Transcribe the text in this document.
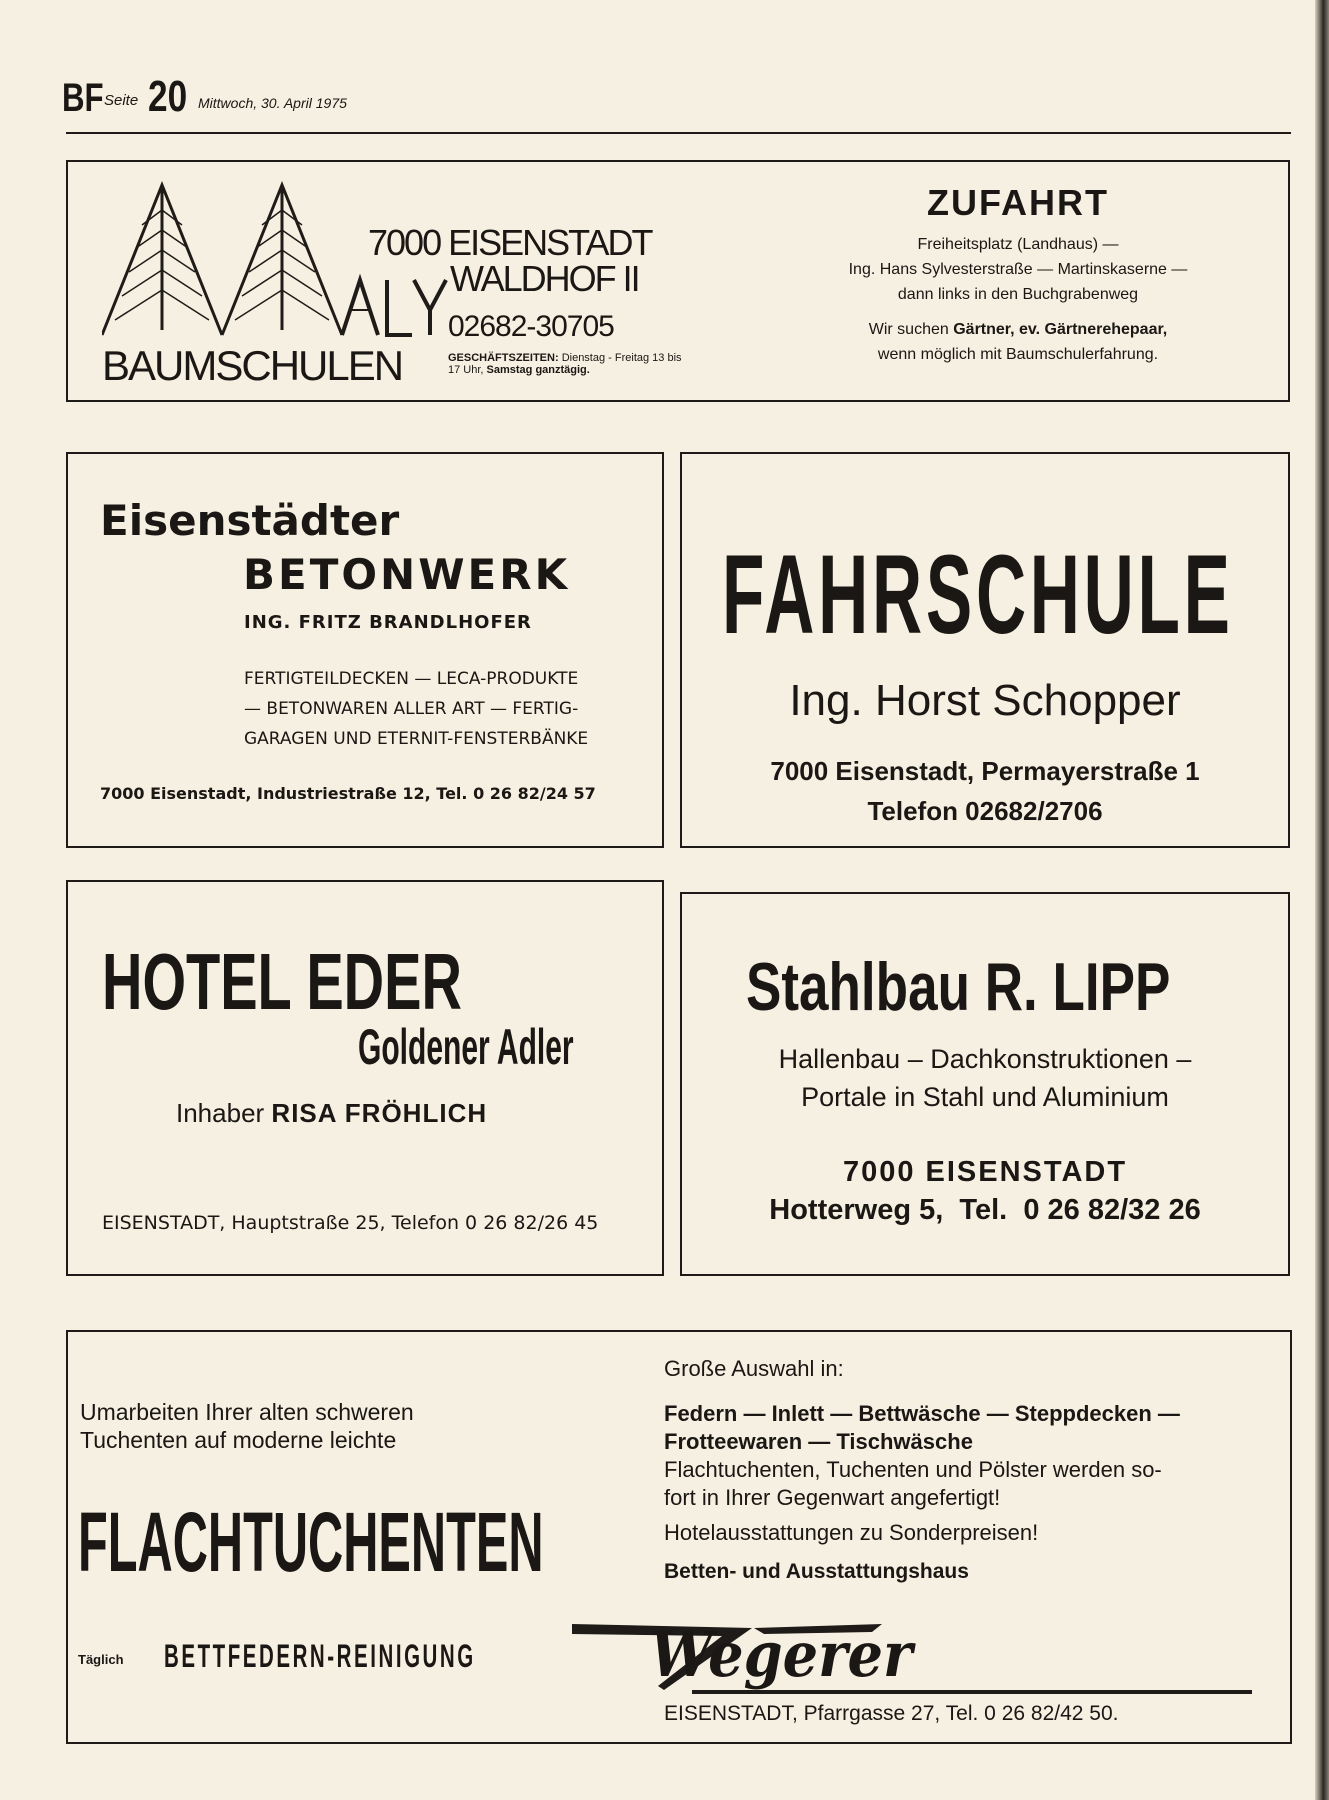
BF Seite 20 Mittwoch, 30. April 1975
BAUMSCHULEN
7000 EISENSTADT
WALDHOF II
02682-30705
GESCHÄFTSZEITEN: Dienstag - Freitag 13 bis
17 Uhr, Samstag ganztägig.
ZUFAHRT
Freiheitsplatz (Landhaus) —
Ing. Hans Sylvesterstraße — Martinskaserne —
dann links in den Buchgrabenweg
Wir suchen Gärtner, ev. Gärtnerehepaar,
wenn möglich mit Baumschulerfahrung.
Eisenstädter
BETONWERK
ING. FRITZ BRANDLHOFER
FERTIGTEILDECKEN — LECA-PRODUKTE
— BETONWAREN ALLER ART — FERTIG-
GARAGEN UND ETERNIT-FENSTERBÄNKE
7000 Eisenstadt, Industriestraße 12, Tel. 0 26 82/24 57
FAHRSCHULE
Ing. Horst Schopper
7000 Eisenstadt, Permayerstraße 1
Telefon 02682/2706
HOTEL EDER
Goldener Adler
Inhaber RISA FRÖHLICH
EISENSTADT, Hauptstraße 25, Telefon 0 26 82/26 45
Stahlbau R. LIPP
Hallenbau – Dachkonstruktionen –
Portale in Stahl und Aluminium
7000 EISENSTADT
Hotterweg 5,  Tel.  0 26 82/32 26
Umarbeiten Ihrer alten schweren
Tuchenten auf moderne leichte
FLACHTUCHENTEN
Täglich BETTFEDERN-REINIGUNG
Große Auswahl in:
Federn — Inlett — Bettwäsche — Steppdecken —
Frotteewaren — Tischwäsche
Flachtuchenten, Tuchenten und Pölster werden so-
fort in Ihrer Gegenwart angefertigt!
Hotelausstattungen zu Sonderpreisen!
Betten- und Ausstattungshaus
Wegerer
EISENSTADT, Pfarrgasse 27, Tel. 0 26 82/42 50.
